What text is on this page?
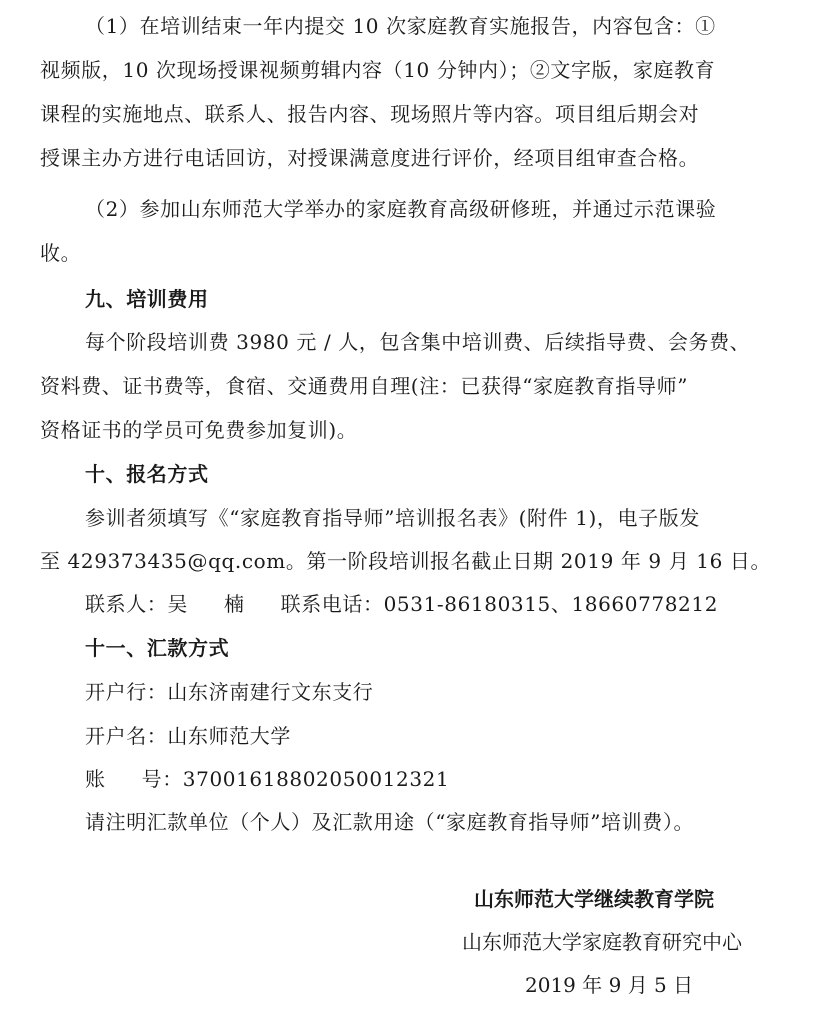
（1）在培训结束一年内提交 10 次家庭教育实施报告，内容包含：①
视频版，10 次现场授课视频剪辑内容（10 分钟内）；②文字版，家庭教育
课程的实施地点、联系人、报告内容、现场照片等内容。项目组后期会对
授课主办方进行电话回访，对授课满意度进行评价，经项目组审查合格。
（2）参加山东师范大学举办的家庭教育高级研修班，并通过示范课验
收。
九、培训费用
每个阶段培训费 3980 元 / 人，包含集中培训费、后续指导费、会务费、
资料费、证书费等，食宿、交通费用自理(注：已获得“家庭教育指导师”
资格证书的学员可免费参加复训)。
十、报名方式
参训者须填写《“家庭教育指导师”培训报名表》(附件 1)，电子版发
至 429373435@qq.com。第一阶段培训报名截止日期 2019 年 9 月 16 日。
联系人：吴 楠 联系电话：0531-86180315、18660778212
十一、汇款方式
开户行：山东济南建行文东支行
开户名：山东师范大学
账 号：37001618802050012321
请注明汇款单位（个人）及汇款用途（“家庭教育指导师”培训费）。
山东师范大学继续教育学院
山东师范大学家庭教育研究中心
2019 年 9 月 5 日
